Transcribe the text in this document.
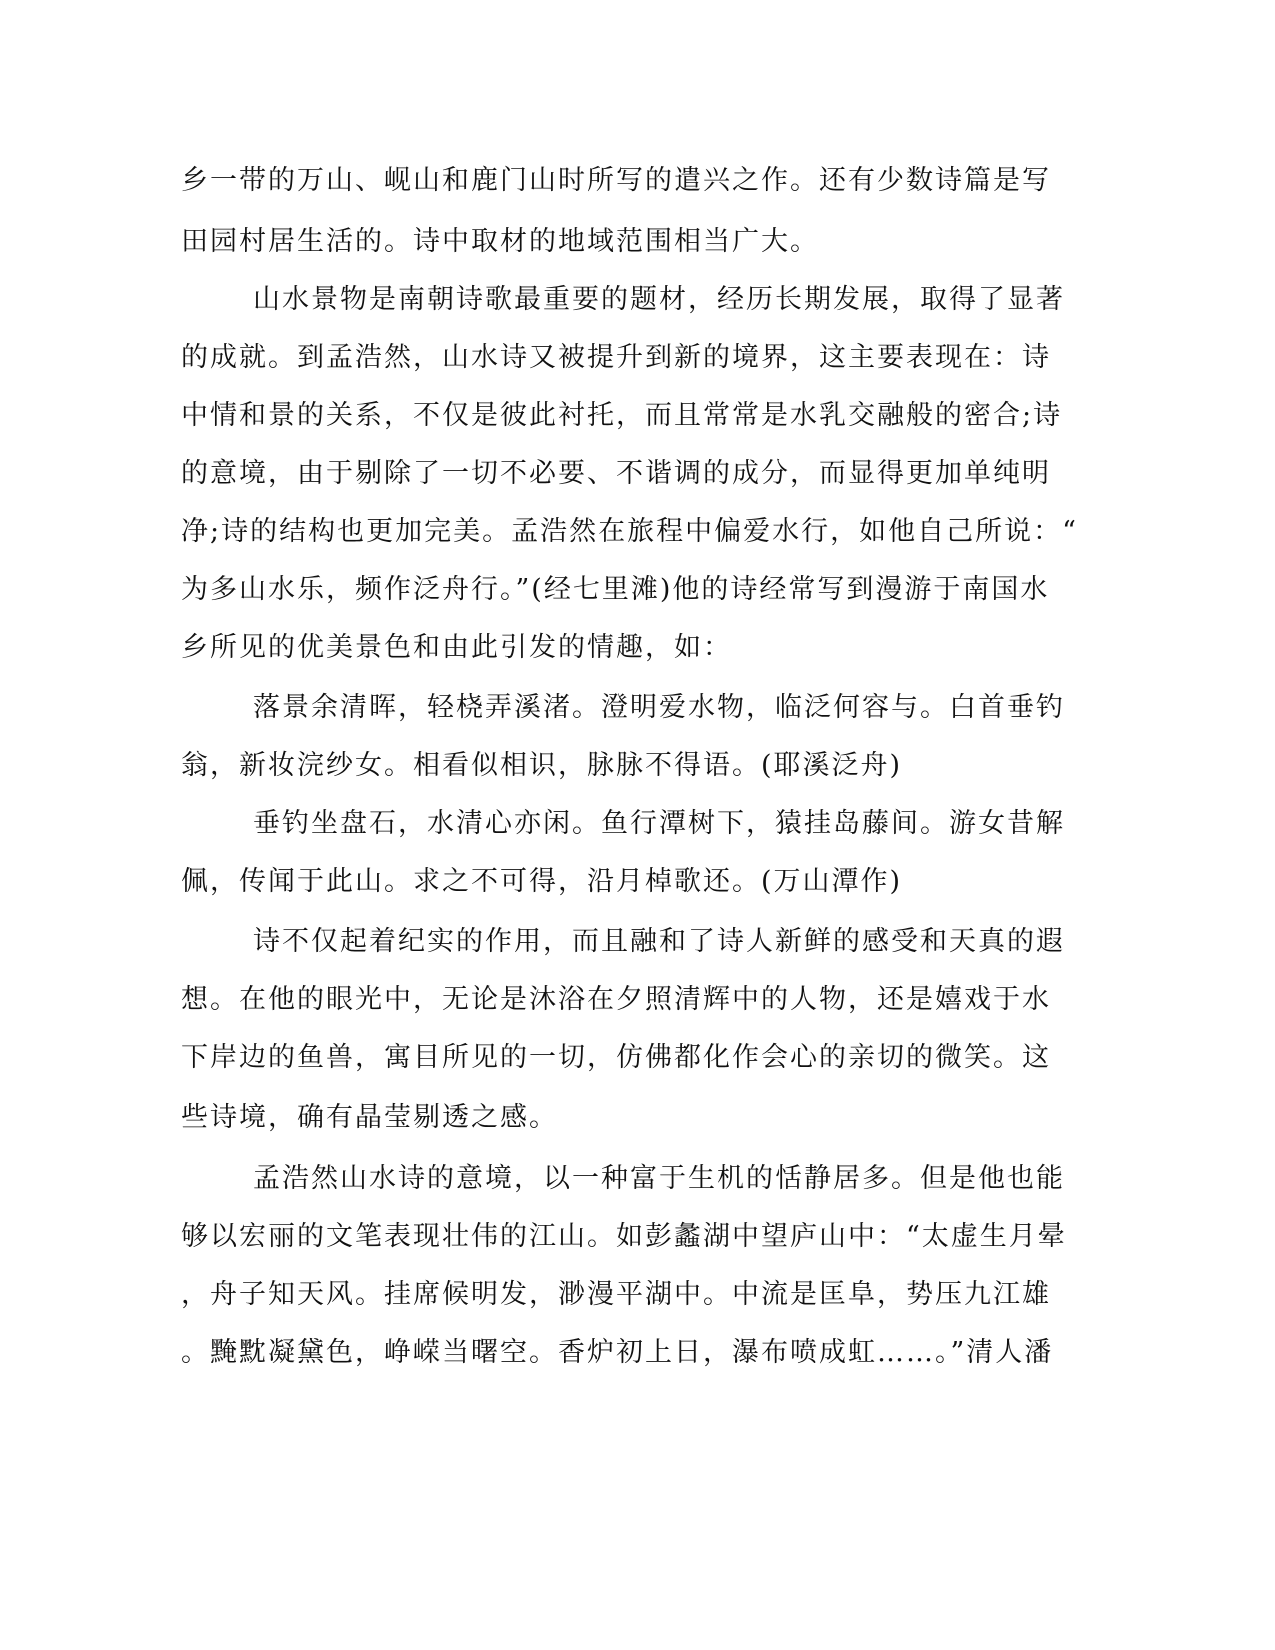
乡一带的万山、岘山和鹿门山时所写的遣兴之作。还有少数诗篇是写
田园村居生活的。诗中取材的地域范围相当广大。
山水景物是南朝诗歌最重要的题材，经历长期发展，取得了显著
的成就。到孟浩然，山水诗又被提升到新的境界，这主要表现在：诗
中情和景的关系，不仅是彼此衬托，而且常常是水乳交融般的密合;诗
的意境，由于剔除了一切不必要、不谐调的成分，而显得更加单纯明
净;诗的结构也更加完美。孟浩然在旅程中偏爱水行，如他自己所说：“
为多山水乐，频作泛舟行。”(经七里滩)他的诗经常写到漫游于南国水
乡所见的优美景色和由此引发的情趣，如：
落景余清晖，轻桡弄溪渚。澄明爱水物，临泛何容与。白首垂钓
翁，新妆浣纱女。相看似相识，脉脉不得语。(耶溪泛舟)
垂钓坐盘石，水清心亦闲。鱼行潭树下，猿挂岛藤间。游女昔解
佩，传闻于此山。求之不可得，沿月棹歌还。(万山潭作)
诗不仅起着纪实的作用，而且融和了诗人新鲜的感受和天真的遐
想。在他的眼光中，无论是沐浴在夕照清辉中的人物，还是嬉戏于水
下岸边的鱼兽，寓目所见的一切，仿佛都化作会心的亲切的微笑。这
些诗境，确有晶莹剔透之感。
孟浩然山水诗的意境，以一种富于生机的恬静居多。但是他也能
够以宏丽的文笔表现壮伟的江山。如彭蠡湖中望庐山中：“太虚生月晕
，舟子知天风。挂席候明发，渺漫平湖中。中流是匡阜，势压九江雄
。黤黕凝黛色，峥嵘当曙空。香炉初上日，瀑布喷成虹……。”清人潘
